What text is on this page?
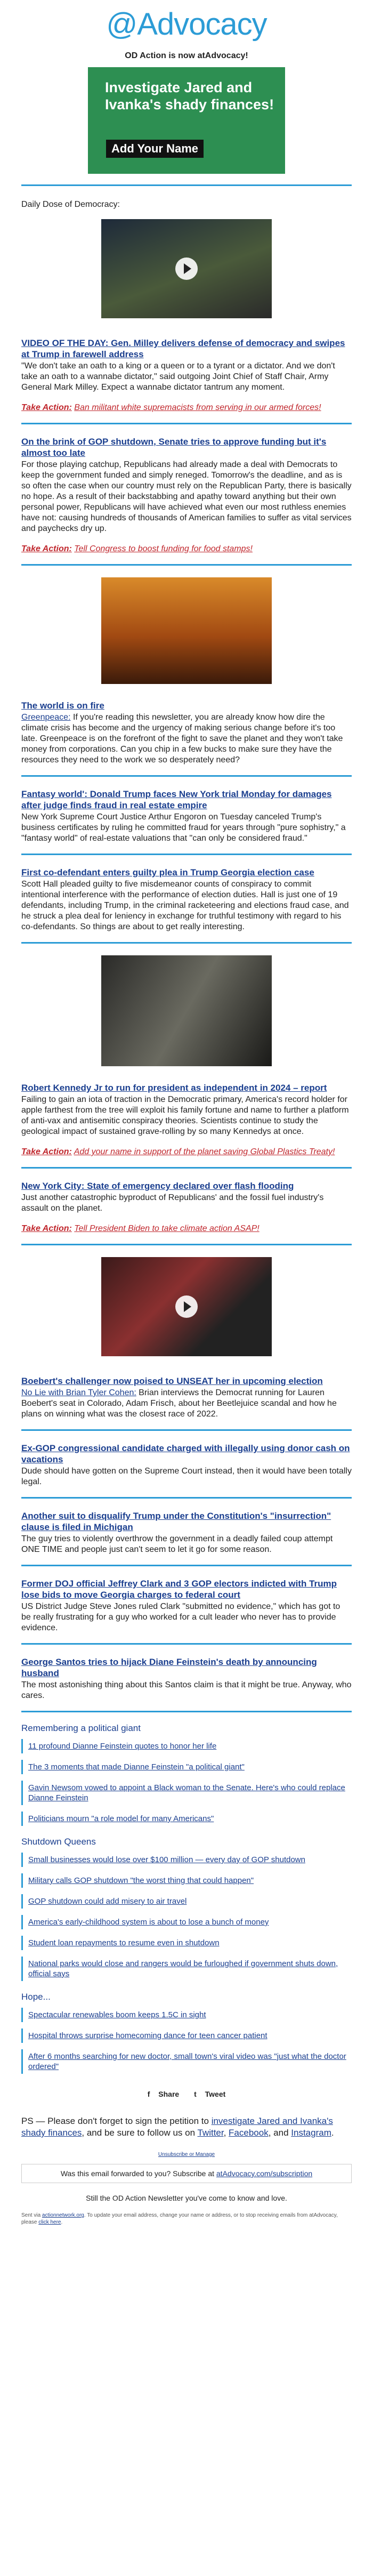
@Advocacy
OD Action is now atAdvocacy!
Investigate Jared and Ivanka's shady finances!
Add Your Name
Daily Dose of Democracy:
VIDEO OF THE DAY: Gen. Milley delivers defense of democracy and swipes at Trump in farewell address

"We don't take an oath to a king or a queen or to a tyrant or a dictator. And we don't take an oath to a wannabe dictator," said outgoing Joint Chief of Staff Chair, Army General Mark Milley. Expect a wannabe dictator tantrum any moment.

Take Action: Ban militant white supremacists from serving in our armed forces!

On the brink of GOP shutdown, Senate tries to approve funding but it's almost too late

For those playing catchup, Republicans had already made a deal with Democrats to keep the government funded and simply reneged. Tomorrow's the deadline, and as is so often the case when our country must rely on the Republican Party, there is basically no hope. As a result of their backstabbing and apathy toward anything but their own personal power, Republicans will have achieved what even our most ruthless enemies have not: causing hundreds of thousands of American families to suffer as vital services and paychecks dry up.

Take Action: Tell Congress to boost funding for food stamps!

The world is on fire

Greenpeace: If you're reading this newsletter, you are already know how dire the climate crisis has become and the urgency of making serious change before it's too late. Greenpeace is on the forefront of the fight to save the planet and they won't take money from corporations. Can you chip in a few bucks to make sure they have the resources they need to the work we so desperately need?

Fantasy world': Donald Trump faces New York trial Monday for damages after judge finds fraud in real estate empire

New York Supreme Court Justice Arthur Engoron on Tuesday canceled Trump's business certificates by ruling he committed fraud for years through "pure sophistry," a "fantasy world" of real-estate valuations that "can only be considered fraud."

First co-defendant enters guilty plea in Trump Georgia election case

Scott Hall pleaded guilty to five misdemeanor counts of conspiracy to commit intentional interference with the performance of election duties. Hall is just one of 19 defendants, including Trump, in the criminal racketeering and elections fraud case, and he struck a plea deal for leniency in exchange for truthful testimony with regard to his co-defendants. So things are about to get really interesting.

Robert Kennedy Jr to run for president as independent in 2024 – report

Failing to gain an iota of traction in the Democratic primary, America's record holder for apple farthest from the tree will exploit his family fortune and name to further a platform of anti-vax and antisemitic conspiracy theories. Scientists continue to study the geological impact of sustained grave-rolling by so many Kennedys at once.

Take Action: Add your name in support of the planet saving Global Plastics Treaty!

New York City: State of emergency declared over flash flooding

Just another catastrophic byproduct of Republicans' and the fossil fuel industry's assault on the planet.

Take Action: Tell President Biden to take climate action ASAP!

Boebert's challenger now poised to UNSEAT her in upcoming election

No Lie with Brian Tyler Cohen: Brian interviews the Democrat running for Lauren Boebert's seat in Colorado, Adam Frisch, about her Beetlejuice scandal and how he plans on winning what was the closest race of 2022.

Ex-GOP congressional candidate charged with illegally using donor cash on vacations

Dude should have gotten on the Supreme Court instead, then it would have been totally legal.

Another suit to disqualify Trump under the Constitution's "insurrection" clause is filed in Michigan

The guy tries to violently overthrow the government in a deadly failed coup attempt ONE TIME and people just can't seem to let it go for some reason.

Former DOJ official Jeffrey Clark and 3 GOP electors indicted with Trump lose bids to move Georgia charges to federal court

US District Judge Steve Jones ruled Clark "submitted no evidence," which has got to be really frustrating for a guy who worked for a cult leader who never has to provide evidence.

George Santos tries to hijack Diane Feinstein's death by announcing husband

The most astonishing thing about this Santos claim is that it might be true. Anyway, who cares.

Remembering a political giant
11 profound Dianne Feinstein quotes to honor her life
The 3 moments that made Dianne Feinstein "a political giant"
Gavin Newsom vowed to appoint a Black woman to the Senate. Here's who could replace Dianne Feinstein
Politicians mourn "a role model for many Americans"
Shutdown Queens
Small businesses would lose over $100 million — every day of GOP shutdown
Military calls GOP shutdown "the worst thing that could happen"
GOP shutdown could add misery to air travel
America's early-childhood system is about to lose a bunch of money
Student loan repayments to resume even in shutdown
National parks would close and rangers would be furloughed if government shuts down, official says
Hope...
Spectacular renewables boom keeps 1.5C in sight
Hospital throws surprise homecoming dance for teen cancer patient
After 6 months searching for new doctor, small town's viral video was "just what the doctor ordered"
f Share t Tweet

PS — Please don't forget to sign the petition to investigate Jared and Ivanka's shady finances, and be sure to follow us on Twitter, Facebook, and Instagram.

Unsubscribe or Manage
Was this email forwarded to you? Subscribe at atAdvocacy.com/subscription
Still the OD Action Newsletter you've come to know and love.
Sent via actionnetwork.org. To update your email address, change your name or address, or to stop receiving emails from atAdvocacy, please click here.
